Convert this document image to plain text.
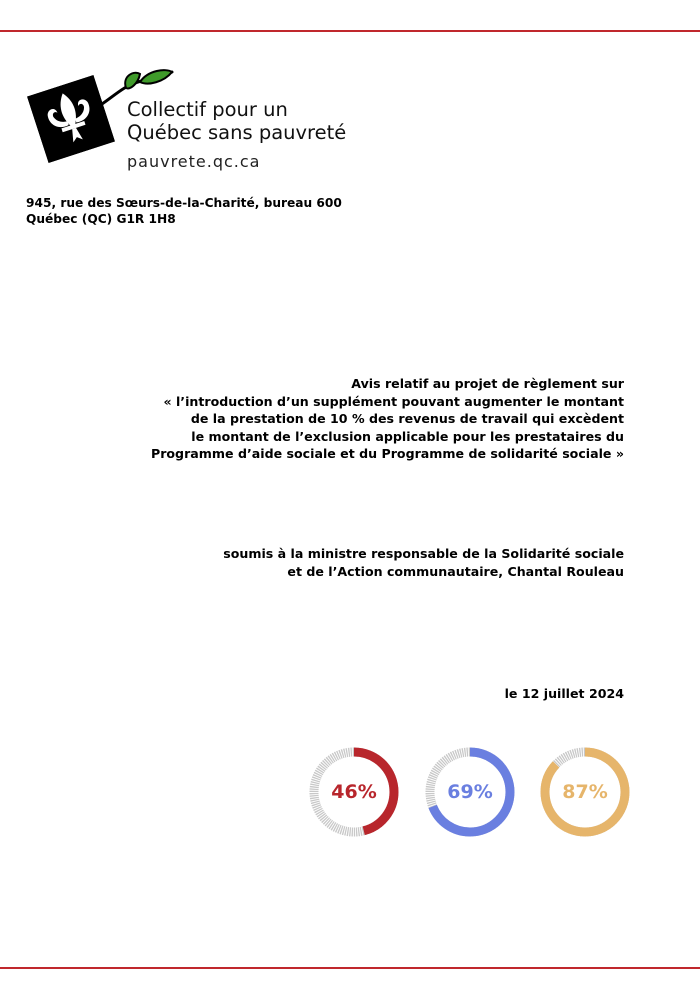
Collectif pour un
Québec sans pauvreté
pauvrete.qc.ca
945, rue des Sœurs-de-la-Charité, bureau 600
Québec (QC) G1R 1H8
Avis relatif au projet de règlement sur
« l’introduction d’un supplément pouvant augmenter le montant
de la prestation de 10 % des revenus de travail qui excèdent
le montant de l’exclusion applicable pour les prestataires du
Programme d’aide sociale et du Programme de solidarité sociale »
soumis à la ministre responsable de la Solidarité sociale
et de l’Action communautaire, Chantal Rouleau
le 12 juillet 2024
46%	69%	87%
